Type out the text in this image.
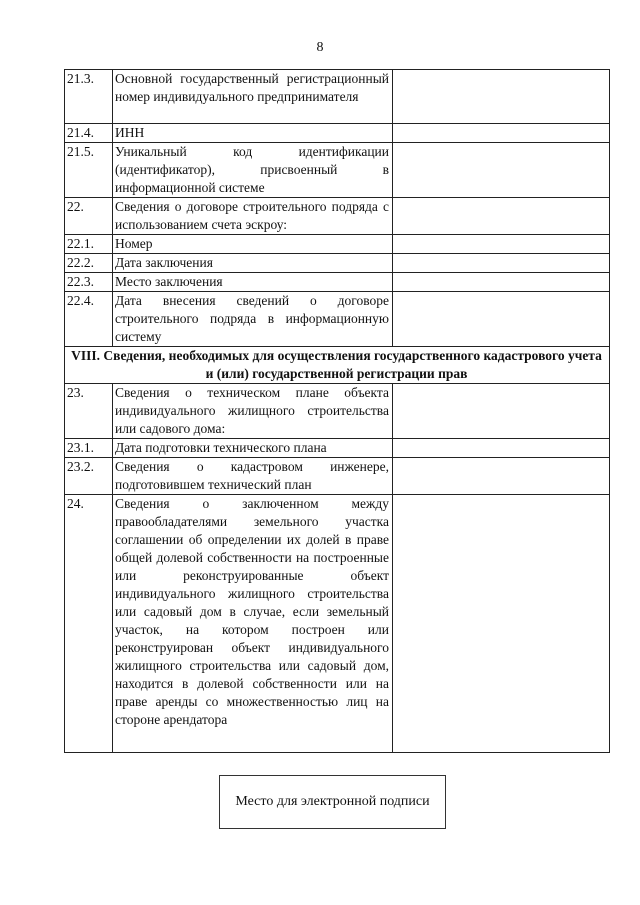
8
21.3.	Основной государственный регистрационный номер индивидуального предпринимателя	
21.4.	ИНН	
21.5.	Уникальный код идентификации (идентификатор), присвоенный в информационной системе	
22.	Сведения о договоре строительного подряда с использованием счета эскроу:	
22.1.	Номер	
22.2.	Дата заключения	
22.3.	Место заключения	
22.4.	Дата внесения сведений о договоре строительного подряда в информационную систему	
VIII. Сведения, необходимых для осуществления государственного кадастрового учета и (или) государственной регистрации прав		
23.	Сведения о техническом плане объекта индивидуального жилищного строительства или садового дома:	
23.1.	Дата подготовки технического плана	
23.2.	Сведения о кадастровом инженере, подготовившем технический план	
24.	Сведения о заключенном между правообладателями земельного участка соглашении об определении их долей в праве общей долевой собственности на построенные или реконструированные объект индивидуального жилищного строительства или садовый дом в случае, если земельный участок, на котором построен или реконструирован объект индивидуального жилищного строительства или садовый дом, находится в долевой собственности или на праве аренды со множественностью лиц на стороне арендатора	
Место для электронной подписи
